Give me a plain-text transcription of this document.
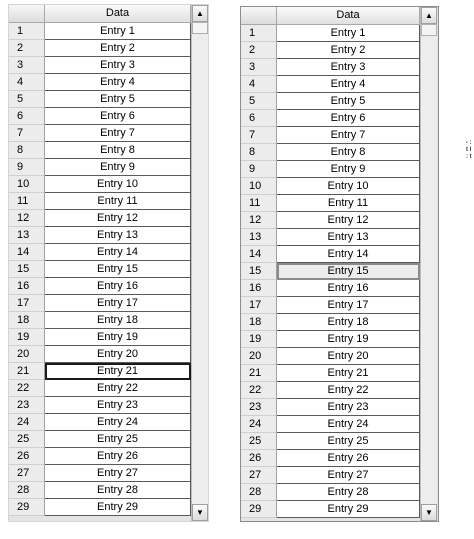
Data
1	Entry 1
2	Entry 2
3	Entry 3
4	Entry 4
5	Entry 5
6	Entry 6
7	Entry 7
8	Entry 8
9	Entry 9
10	Entry 10
11	Entry 11
12	Entry 12
13	Entry 13
14	Entry 14
15	Entry 15
16	Entry 16
17	Entry 17
18	Entry 18
19	Entry 19
20	Entry 20
21	Entry 21
22	Entry 22
23	Entry 23
24	Entry 24
25	Entry 25
26	Entry 26
27	Entry 27
28	Entry 28
29	Entry 29
▲
▼
Data
1	Entry 1
2	Entry 2
3	Entry 3
4	Entry 4
5	Entry 5
6	Entry 6
7	Entry 7
8	Entry 8
9	Entry 9
10	Entry 10
11	Entry 11
12	Entry 12
13	Entry 13
14	Entry 14
15	Entry 15
16	Entry 16
17	Entry 17
18	Entry 18
19	Entry 19
20	Entry 20
21	Entry 21
22	Entry 22
23	Entry 23
24	Entry 24
25	Entry 25
26	Entry 26
27	Entry 27
28	Entry 28
29	Entry 29
▲
▼
- : t l : t
